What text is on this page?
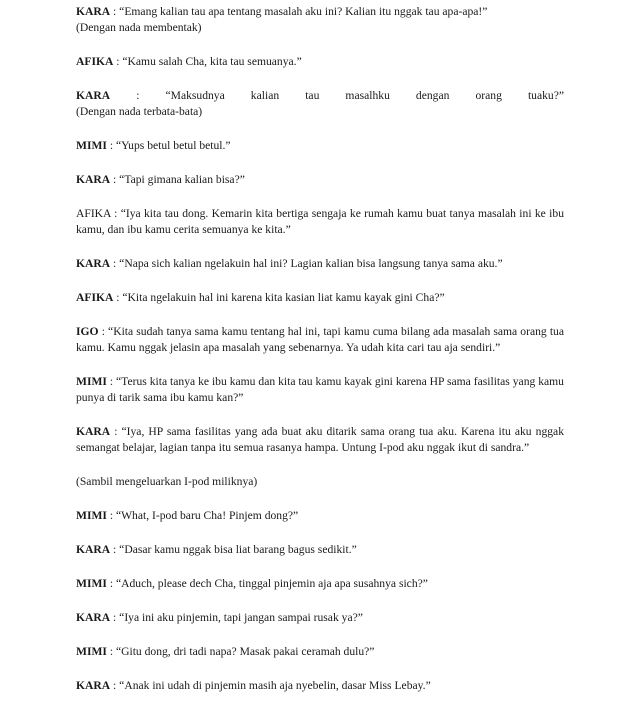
KARA : “Emang kalian tau apa tentang masalah aku ini? Kalian itu nggak tau apa-apa!”
(Dengan nada membentak)
AFIKA : “Kamu salah Cha, kita tau semuanya.”
KARA : “Maksudnya kalian tau masalhku dengan orang tuaku?”
(Dengan nada terbata-bata)
MIMI : “Yups betul betul betul.”
KARA : “Tapi gimana kalian bisa?”
AFIKA : “Iya kita tau dong. Kemarin kita bertiga sengaja ke rumah kamu buat tanya masalah ini ke ibu kamu, dan ibu kamu cerita semuanya ke kita.”
KARA : “Napa sich kalian ngelakuin hal ini? Lagian kalian bisa langsung tanya sama aku.”
AFIKA : “Kita ngelakuin hal ini karena kita kasian liat kamu kayak gini Cha?”
IGO : “Kita sudah tanya sama kamu tentang hal ini, tapi kamu cuma bilang ada masalah sama orang tua kamu. Kamu nggak jelasin apa masalah yang sebenarnya. Ya udah kita cari tau aja sendiri.”
MIMI : “Terus kita tanya ke ibu kamu dan kita tau kamu kayak gini karena HP sama fasilitas yang kamu punya di tarik sama ibu kamu kan?”
KARA : “Iya, HP sama fasilitas yang ada buat aku ditarik sama orang tua aku. Karena itu aku nggak semangat belajar, lagian tanpa itu semua rasanya hampa. Untung I-pod aku nggak ikut di sandra.”
(Sambil mengeluarkan I-pod miliknya)
MIMI : “What, I-pod baru Cha! Pinjem dong?”
KARA : “Dasar kamu nggak bisa liat barang bagus sedikit.”
MIMI : “Aduch, please dech Cha, tinggal pinjemin aja apa susahnya sich?”
KARA : “Iya ini aku pinjemin, tapi jangan sampai rusak ya?”
MIMI : “Gitu dong, dri tadi napa? Masak pakai ceramah dulu?”
KARA : “Anak ini udah di pinjemin masih aja nyebelin, dasar Miss Lebay.”
